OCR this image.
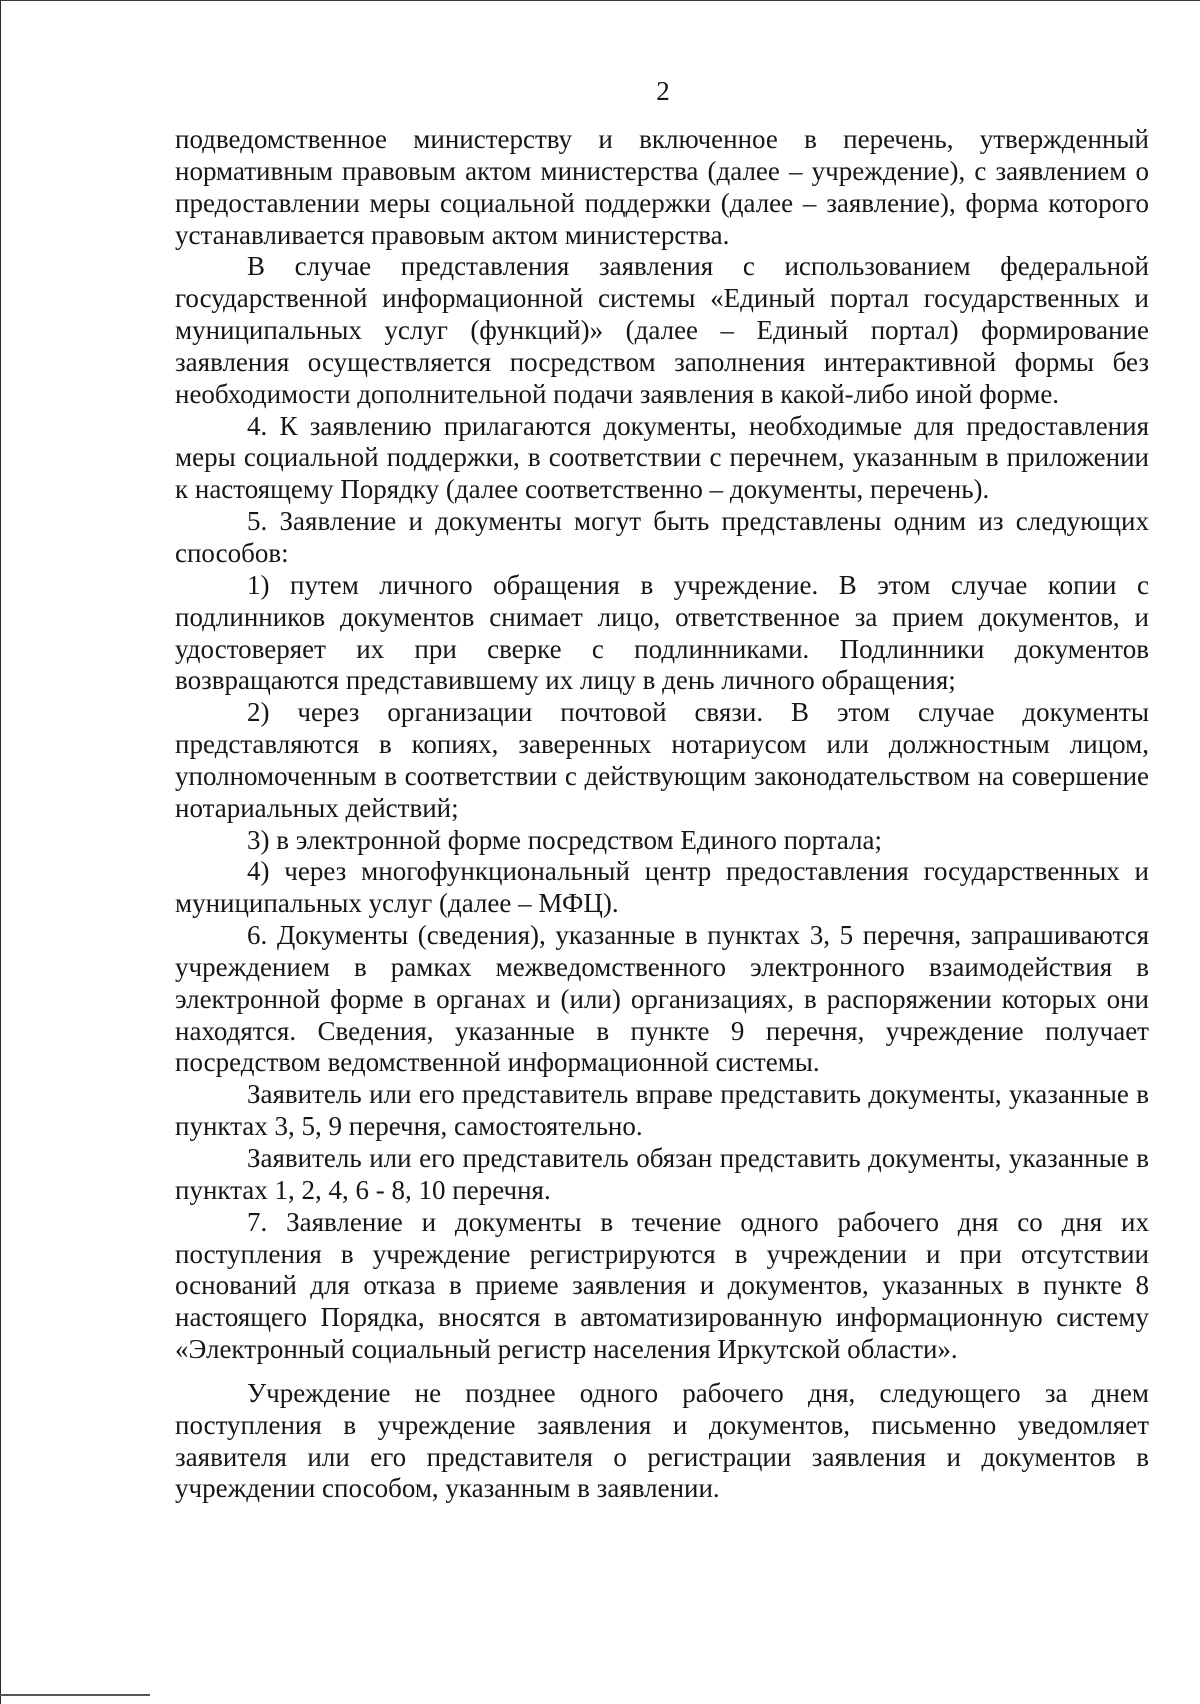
2

подведомственное министерству и включенное в перечень, утвержденный нормативным правовым актом министерства (далее – учреждение), с заявлением о предоставлении меры социальной поддержки (далее – заявление), форма которого устанавливается правовым актом министерства.

В случае представления заявления с использованием федеральной государственной информационной системы «Единый портал государственных и муниципальных услуг (функций)» (далее – Единый портал) формирование заявления осуществляется посредством заполнения интерактивной формы без необходимости дополнительной подачи заявления в какой-либо иной форме.

4. К заявлению прилагаются документы, необходимые для предоставления меры социальной поддержки, в соответствии с перечнем, указанным в приложении к настоящему Порядку (далее соответственно – документы, перечень).

5. Заявление и документы могут быть представлены одним из следующих способов:

1) путем личного обращения в учреждение. В этом случае копии с подлинников документов снимает лицо, ответственное за прием документов, и удостоверяет их при сверке с подлинниками. Подлинники документов возвращаются представившему их лицу в день личного обращения;

2) через организации почтовой связи. В этом случае документы представляются в копиях, заверенных нотариусом или должностным лицом, уполномоченным в соответствии с действующим законодательством на совершение нотариальных действий;

3) в электронной форме посредством Единого портала;

4) через многофункциональный центр предоставления государственных и муниципальных услуг (далее – МФЦ).

6. Документы (сведения), указанные в пунктах 3, 5 перечня, запрашиваются учреждением в рамках межведомственного электронного взаимодействия в электронной форме в органах и (или) организациях, в распоряжении которых они находятся. Сведения, указанные в пункте 9 перечня, учреждение получает посредством ведомственной информационной системы.

Заявитель или его представитель вправе представить документы, указанные в пунктах 3, 5, 9 перечня, самостоятельно.

Заявитель или его представитель обязан представить документы, указанные в пунктах 1, 2, 4, 6 - 8, 10 перечня.

7. Заявление и документы в течение одного рабочего дня со дня их поступления в учреждение регистрируются в учреждении и при отсутствии оснований для отказа в приеме заявления и документов, указанных в пункте 8 настоящего Порядка, вносятся в автоматизированную информационную систему «Электронный социальный регистр населения Иркутской области».

Учреждение не позднее одного рабочего дня, следующего за днем поступления в учреждение заявления и документов, письменно уведомляет заявителя или его представителя о регистрации заявления и документов в учреждении способом, указанным в заявлении.
